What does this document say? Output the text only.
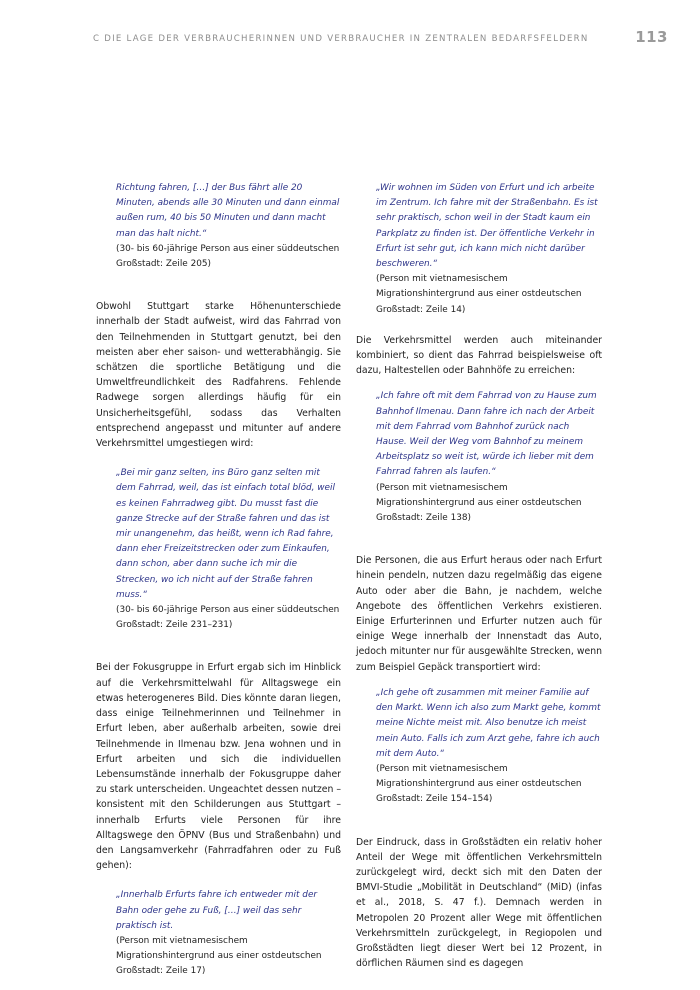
C DIE LAGE DER VERBRAUCHERINNEN UND VERBRAUCHER IN ZENTRALEN BEDARFSFELDERN	113

Richtung fahren, […] der Bus fährt alle 20 Minuten, abends alle 30 Minuten und dann einmal außen rum, 40 bis 50 Minuten und dann macht man das halt nicht.“

(30- bis 60-jährige Person aus einer süddeutschen Großstadt: Zeile 205)

Obwohl Stuttgart starke Höhenunterschiede innerhalb der Stadt aufweist, wird das Fahrrad von den Teilnehmenden in Stuttgart genutzt, bei den meisten aber eher saison- und wetterabhängig. Sie schätzen die sportliche Betätigung und die Umweltfreundlichkeit des Radfahrens. Fehlende Radwege sorgen allerdings häufig für ein Unsicherheitsgefühl, sodass das Verhalten entsprechend angepasst und mitunter auf andere Verkehrsmittel umgestiegen wird:

„Bei mir ganz selten, ins Büro ganz selten mit dem Fahrrad, weil, das ist einfach total blöd, weil es keinen Fahrradweg gibt. Du musst fast die ganze Strecke auf der Straße fahren und das ist mir unangenehm, das heißt, wenn ich Rad fahre, dann eher Freizeitstrecken oder zum Einkaufen, dann schon, aber dann suche ich mir die Strecken, wo ich nicht auf der Straße fahren muss.“

(30- bis 60-jährige Person aus einer süddeutschen Großstadt: Zeile 231–231)

Bei der Fokusgruppe in Erfurt ergab sich im Hinblick auf die Verkehrsmittelwahl für Alltagswege ein etwas heterogeneres Bild. Dies könnte daran liegen, dass einige Teilnehmerinnen und Teilnehmer in Erfurt leben, aber außerhalb arbeiten, sowie drei Teilnehmende in Ilmenau bzw. Jena wohnen und in Erfurt arbeiten und sich die individuellen Lebensumstände innerhalb der Fokusgruppe daher zu stark unterscheiden. Ungeachtet dessen nutzen – konsistent mit den Schilderungen aus Stuttgart – innerhalb Erfurts viele Personen für ihre Alltagswege den ÖPNV (Bus und Straßenbahn) und den Langsamverkehr (Fahrradfahren oder zu Fuß gehen):

„Innerhalb Erfurts fahre ich entweder mit der Bahn oder gehe zu Fuß, […] weil das sehr praktisch ist.

(Person mit vietnamesischem Migrationshintergrund aus einer ostdeutschen Großstadt: Zeile 17)

„Wir wohnen im Süden von Erfurt und ich arbeite im Zentrum. Ich fahre mit der Straßenbahn. Es ist sehr praktisch, schon weil in der Stadt kaum ein Parkplatz zu finden ist. Der öffentliche Verkehr in Erfurt ist sehr gut, ich kann mich nicht darüber beschweren.“

(Person mit vietnamesischem Migrationshintergrund aus einer ostdeutschen Großstadt: Zeile 14)

Die Verkehrsmittel werden auch miteinander kombiniert, so dient das Fahrrad beispielsweise oft dazu, Haltestellen oder Bahnhöfe zu erreichen:

„Ich fahre oft mit dem Fahrrad von zu Hause zum Bahnhof Ilmenau. Dann fahre ich nach der Arbeit mit dem Fahrrad vom Bahnhof zurück nach Hause. Weil der Weg vom Bahnhof zu meinem Arbeitsplatz so weit ist, würde ich lieber mit dem Fahrrad fahren als laufen.“

(Person mit vietnamesischem Migrationshintergrund aus einer ostdeutschen Großstadt: Zeile 138)

Die Personen, die aus Erfurt heraus oder nach Erfurt hinein pendeln, nutzen dazu regelmäßig das eigene Auto oder aber die Bahn, je nachdem, welche Angebote des öffentlichen Verkehrs existieren. Einige Erfurterinnen und Erfurter nutzen auch für einige Wege innerhalb der Innenstadt das Auto, jedoch mitunter nur für ausgewählte Strecken, wenn zum Beispiel Gepäck transportiert wird:

„Ich gehe oft zusammen mit meiner Familie auf den Markt. Wenn ich also zum Markt gehe, kommt meine Nichte meist mit. Also benutze ich meist mein Auto. Falls ich zum Arzt gehe, fahre ich auch mit dem Auto.“

(Person mit vietnamesischem Migrationshintergrund aus einer ostdeutschen Großstadt: Zeile 154–154)

Der Eindruck, dass in Großstädten ein relativ hoher Anteil der Wege mit öffentlichen Verkehrsmitteln zurückgelegt wird, deckt sich mit den Daten der BMVI-Studie „Mobilität in Deutschland“ (MiD) (infas et al., 2018, S. 47 f.). Demnach werden in Metropolen 20 Prozent aller Wege mit öffentlichen Verkehrsmitteln zurückgelegt, in Regiopolen und Großstädten liegt dieser Wert bei 12 Prozent, in dörflichen Räumen sind es dagegen
